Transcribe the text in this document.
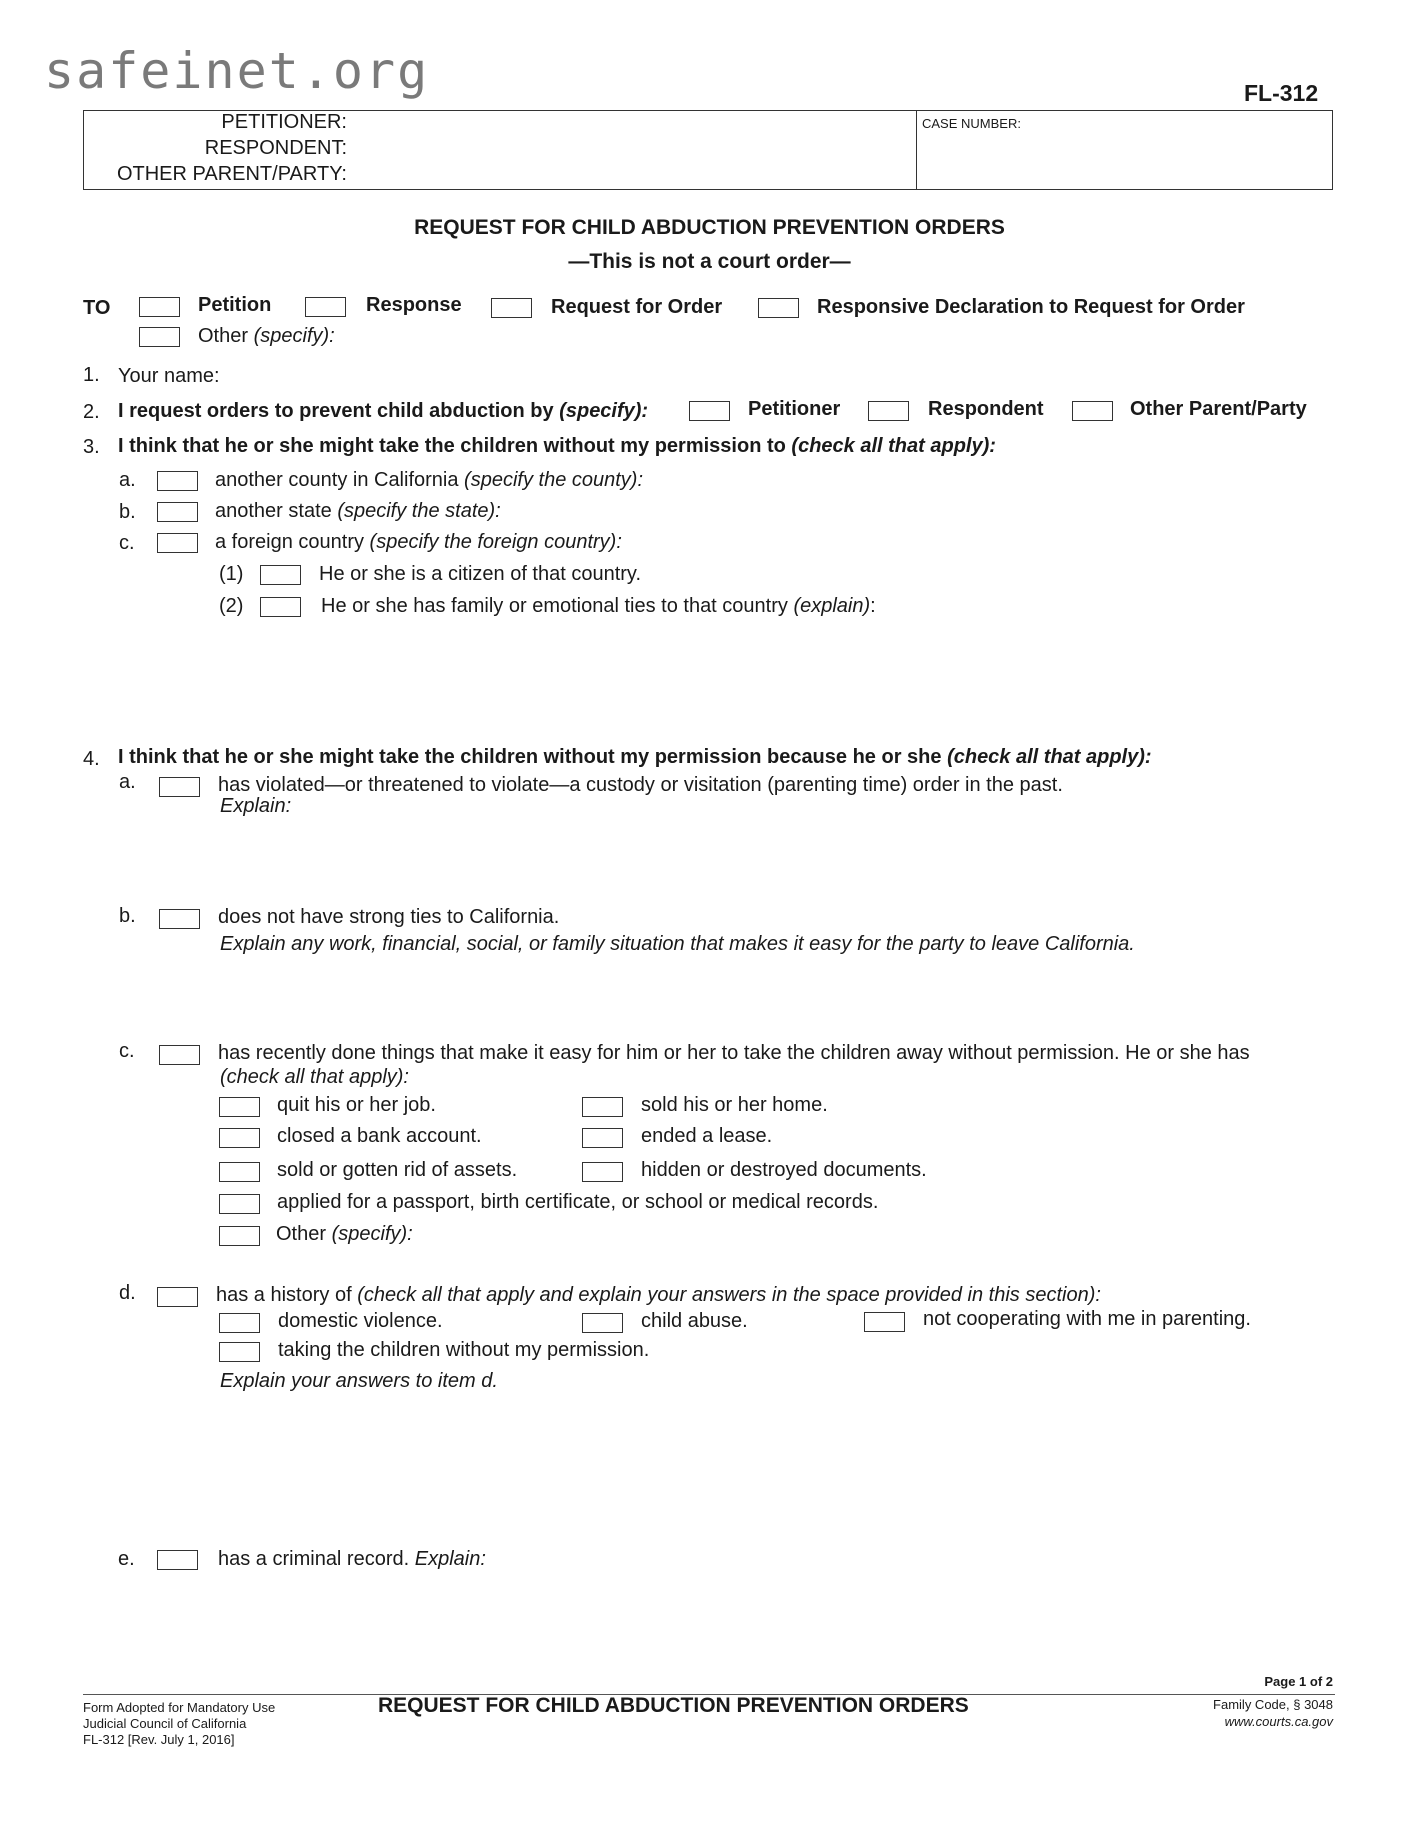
safeinet.org	FL-312
PETITIONER:
RESPONDENT:
OTHER PARENT/PARTY:
CASE NUMBER:
REQUEST FOR CHILD ABDUCTION PREVENTION ORDERS
—This is not a court order—
TO	Petition	Response	Request for Order	Responsive Declaration to Request for Order
Other (specify):
1. Your name:
2. I request orders to prevent child abduction by (specify):	Petitioner	Respondent	Other Parent/Party
3. I think that he or she might take the children without my permission to (check all that apply):
a.	another county in California (specify the county):
b.	another state (specify the state):
c.	a foreign country (specify the foreign country):
(1)	He or she is a citizen of that country.
(2)	He or she has family or emotional ties to that country (explain):
4. I think that he or she might take the children without my permission because he or she (check all that apply):
a.	has violated—or threatened to violate—a custody or visitation (parenting time) order in the past.
Explain:
b.	does not have strong ties to California.
Explain any work, financial, social, or family situation that makes it easy for the party to leave California.
c.	has recently done things that make it easy for him or her to take the children away without permission. He or she has
(check all that apply):
quit his or her job.	sold his or her home.
closed a bank account.	ended a lease.
sold or gotten rid of assets.	hidden or destroyed documents.
applied for a passport, birth certificate, or school or medical records.
Other (specify):
d.	has a history of (check all that apply and explain your answers in the space provided in this section):
domestic violence.	child abuse.	not cooperating with me in parenting.
taking the children without my permission.
Explain your answers to item d.
e.	has a criminal record. Explain:
Page 1 of 2
Form Adopted for Mandatory Use
Judicial Council of California
FL-312 [Rev. July 1, 2016]
REQUEST FOR CHILD ABDUCTION PREVENTION ORDERS	Family Code, § 3048
www.courts.ca.gov
